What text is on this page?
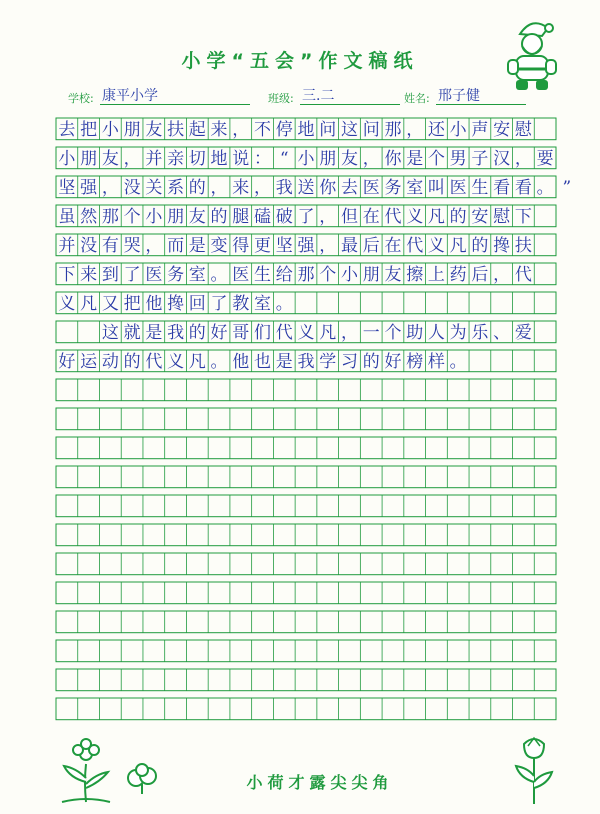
小学“五会”作文稿纸
学校: 康平小学	班级: 三.二	姓名: 邢子健
去 把 小 朋 友 扶 起 来 ， 不 停 地 问 这 问 那 ， 还 小 声 安 慰
小 朋 友 ， 并 亲 切 地 说 ： “ 小 朋 友 ， 你 是 个 男 子 汉 ， 要
坚 强 ， 没 关 系 的 ， 来 ， 我 送 你 去 医 务 室 叫 医 生 看 看 。 ”
虽 然 那 个 小 朋 友 的 腿 磕 破 了 ， 但 在 代 义 凡 的 安 慰 下
并 没 有 哭 ， 而 是 变 得 更 坚 强 ， 最 后 在 代 义 凡 的 搀 扶
下 来 到 了 医 务 室 。 医 生 给 那 个 小 朋 友 擦 上 药 后 ， 代
义 凡 又 把 他 搀 回 了 教 室 。
这 就 是 我 的 好 哥 们 代 义 凡 ， 一 个 助 人 为 乐 、 爱
好 运 动 的 代 义 凡 。 他 也 是 我 学 习 的 好 榜 样 。
小荷才露尖尖角
